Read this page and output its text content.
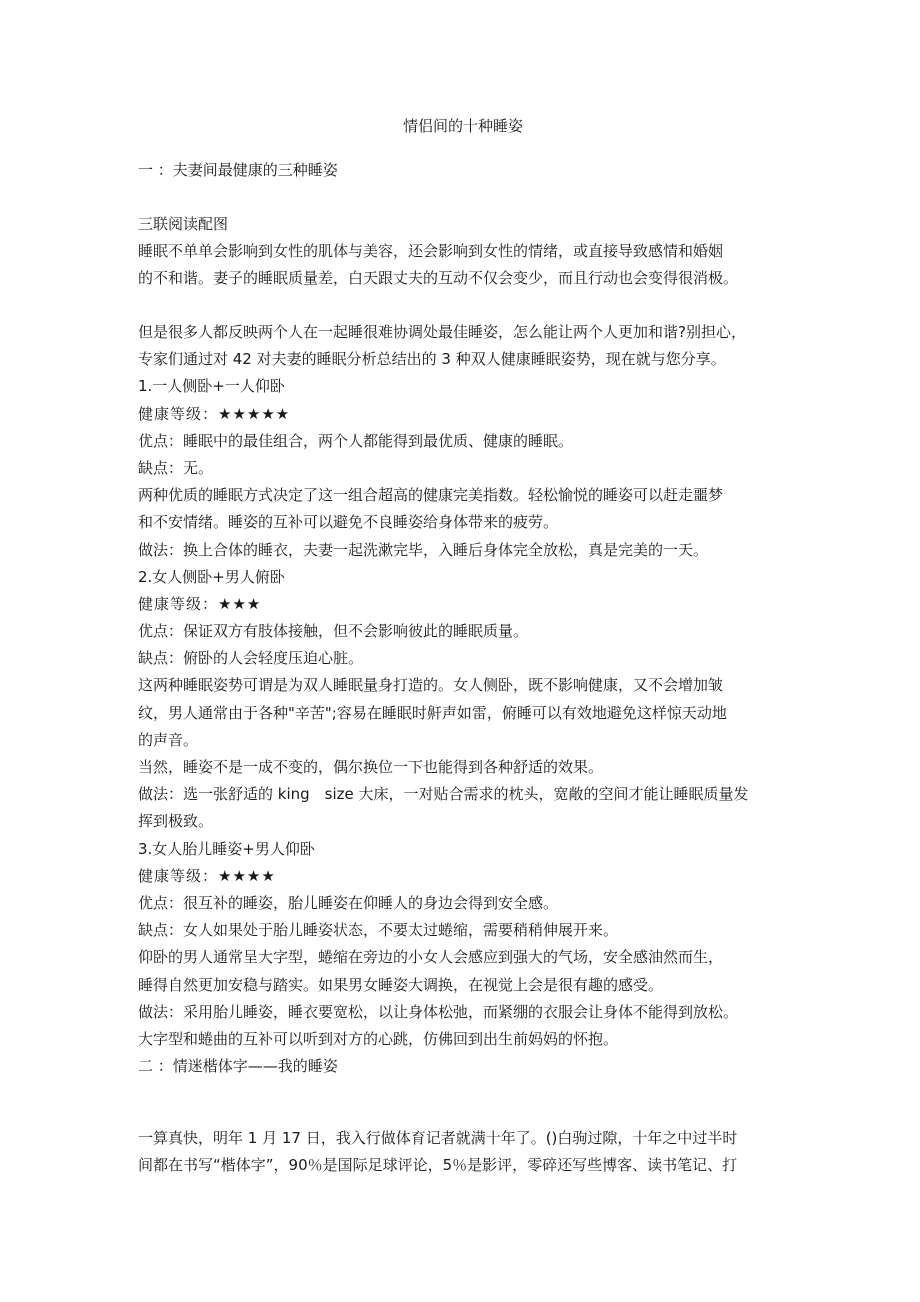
情侣间的十种睡姿
一 ：夫妻间最健康的三种睡姿
三联阅读配图
睡眠不单单会影响到女性的肌体与美容，还会影响到女性的情绪，或直接导致感情和婚姻
的不和谐。妻子的睡眠质量差，白天跟丈夫的互动不仅会变少，而且行动也会变得很消极。
但是很多人都反映两个人在一起睡很难协调处最佳睡姿，怎么能让两个人更加和谐?别担心，
专家们通过对 42 对夫妻的睡眠分析总结出的 3 种双人健康睡眠姿势，现在就与您分享。
1.一人侧卧+一人仰卧
健康等级：★★★★★
优点：睡眠中的最佳组合，两个人都能得到最优质、健康的睡眠。
缺点：无。
两种优质的睡眠方式决定了这一组合超高的健康完美指数。轻松愉悦的睡姿可以赶走噩梦
和不安情绪。睡姿的互补可以避免不良睡姿给身体带来的疲劳。
做法：换上合体的睡衣，夫妻一起洗漱完毕，入睡后身体完全放松，真是完美的一天。
2.女人侧卧+男人俯卧
健康等级：★★★
优点：保证双方有肢体接触，但不会影响彼此的睡眠质量。
缺点：俯卧的人会轻度压迫心脏。
这两种睡眠姿势可谓是为双人睡眠量身打造的。女人侧卧，既不影响健康，又不会增加皱
纹，男人通常由于各种"辛苦";容易在睡眠时鼾声如雷，俯睡可以有效地避免这样惊天动地
的声音。
当然，睡姿不是一成不变的，偶尔换位一下也能得到各种舒适的效果。
做法：选一张舒适的 king　size 大床，一对贴合需求的枕头，宽敞的空间才能让睡眠质量发
挥到极致。
3.女人胎儿睡姿+男人仰卧
健康等级：★★★★
优点：很互补的睡姿，胎儿睡姿在仰睡人的身边会得到安全感。
缺点：女人如果处于胎儿睡姿状态，不要太过蜷缩，需要稍稍伸展开来。
仰卧的男人通常呈大字型，蜷缩在旁边的小女人会感应到强大的气场，安全感油然而生，
睡得自然更加安稳与踏实。如果男女睡姿大调换，在视觉上会是很有趣的感受。
做法：采用胎儿睡姿，睡衣要宽松，以让身体松弛，而紧绷的衣服会让身体不能得到放松。
大字型和蜷曲的互补可以听到对方的心跳，仿佛回到出生前妈妈的怀抱。
二 ：情迷楷体字——我的睡姿
一算真快，明年 1 月 17 日，我入行做体育记者就满十年了。()白驹过隙，十年之中过半时
间都在书写“楷体字”，90％是国际足球评论，5％是影评，零碎还写些博客、读书笔记、打
